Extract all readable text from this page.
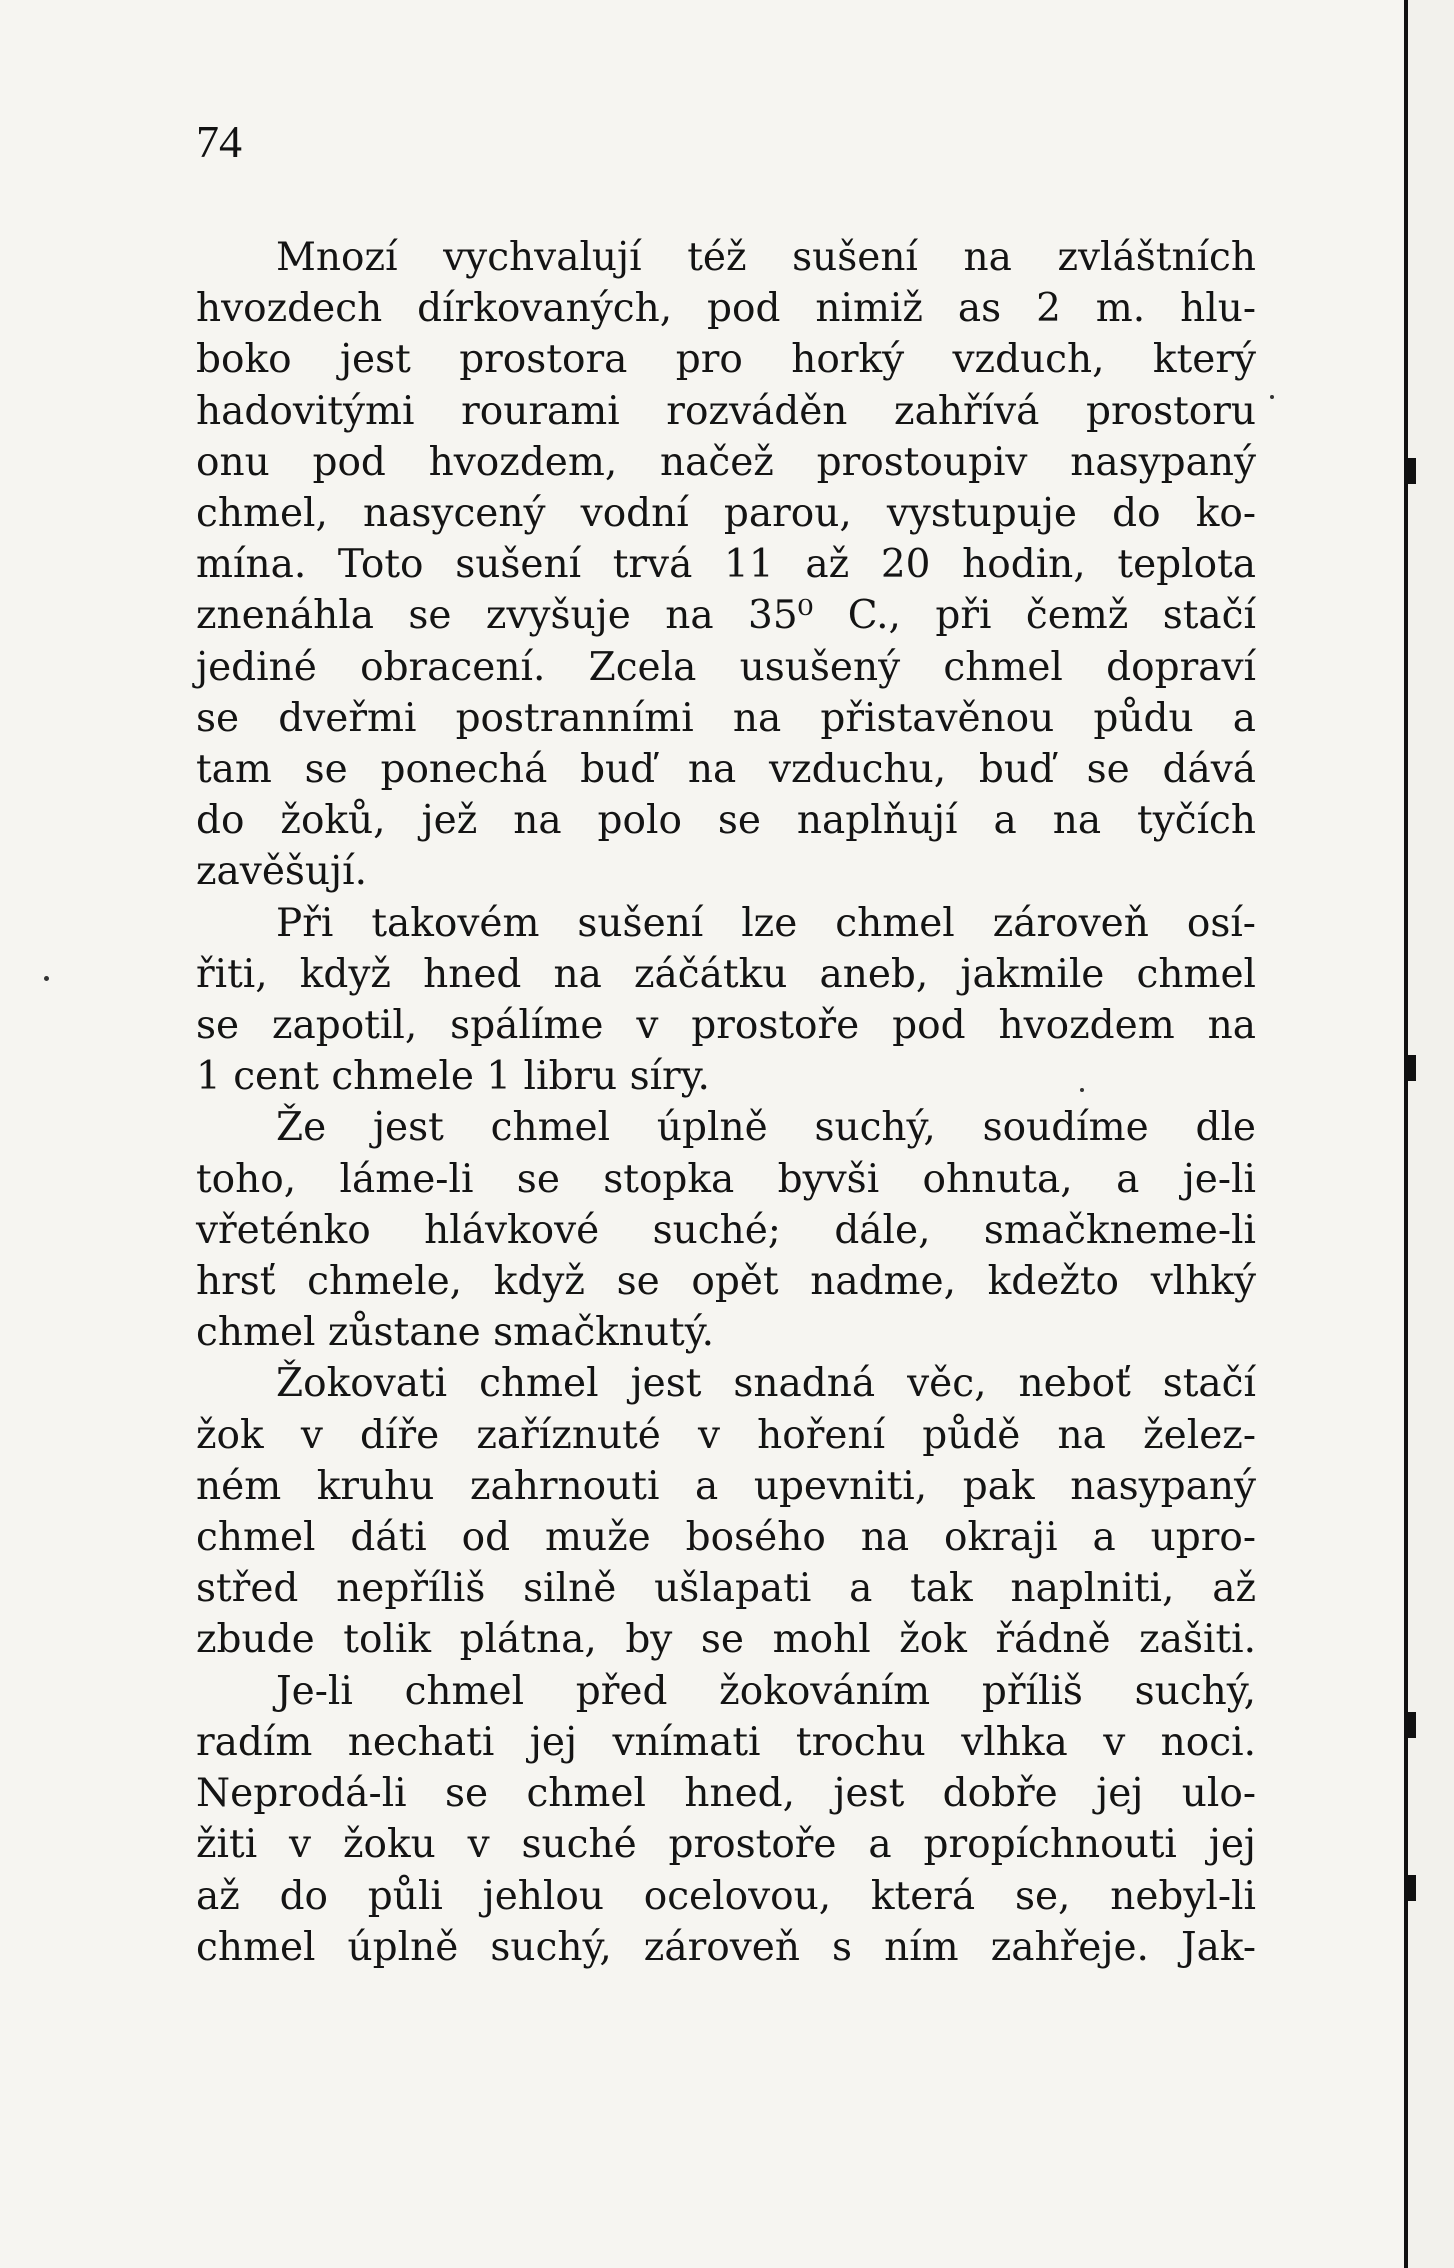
74
Mnozí vychvalují též sušení na zvláštních
hvozdech dírkovaných, pod nimiž as 2 m. hlu-
boko jest prostora pro horký vzduch, který
hadovitými rourami rozváděn zahřívá prostoru
onu pod hvozdem, načež prostoupiv nasypaný
chmel, nasycený vodní parou, vystupuje do ko-
mína. Toto sušení trvá 11 až 20 hodin, teplota
znenáhla se zvyšuje na 35⁰ C., při čemž stačí
jediné obracení. Zcela usušený chmel dopraví
se dveřmi postranními na přistavěnou půdu a
tam se ponechá buď na vzduchu, buď se dává
do žoků, jež na polo se naplňují a na tyčích
zavěšují.
Při takovém sušení lze chmel zároveň osí-
řiti, když hned na záčátku aneb, jakmile chmel
se zapotil, spálíme v prostoře pod hvozdem na
1 cent chmele 1 libru síry.
Že jest chmel úplně suchý, soudíme dle
toho, láme-li se stopka byvši ohnuta, a je-li
vřeténko hlávkové suché; dále, smačkneme-li
hrsť chmele, když se opět nadme, kdežto vlhký
chmel zůstane smačknutý.
Žokovati chmel jest snadná věc, neboť stačí
žok v díře zaříznuté v hoření půdě na želez-
ném kruhu zahrnouti a upevniti, pak nasypaný
chmel dáti od muže bosého na okraji a upro-
střed nepříliš silně ušlapati a tak naplniti, až
zbude tolik plátna, by se mohl žok řádně zašiti.
Je-li chmel před žokováním příliš suchý,
radím nechati jej vnímati trochu vlhka v noci.
Neprodá-li se chmel hned, jest dobře jej ulo-
žiti v žoku v suché prostoře a propíchnouti jej
až do půli jehlou ocelovou, která se, nebyl-li
chmel úplně suchý, zároveň s ním zahřeje. Jak-
